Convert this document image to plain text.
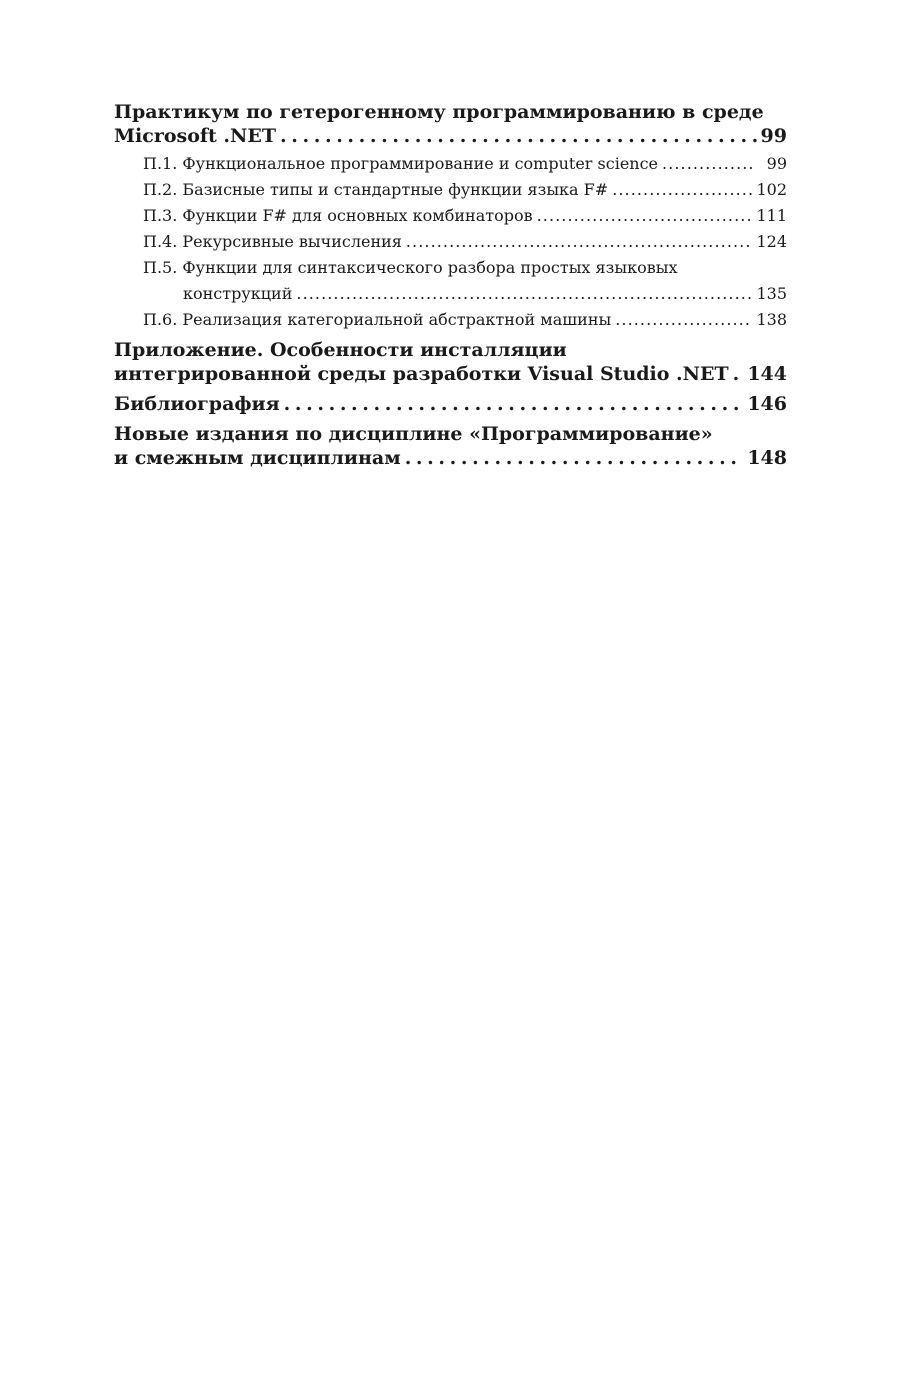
Практикум по гетерогенному программированию в среде
Microsoft .NET . . .	99
П.1. Функциональное программирование и computer science . . .	99
П.2. Базисные типы и стандартные функции языка F# . . .	102
П.3. Функции F# для основных комбинаторов . . .	111
П.4. Рекурсивные вычисления . . .	124
П.5. Функции для синтаксического разбора простых языковых
конструкций . . .	135
П.6. Реализация категориальной абстрактной машины . . .	138
Приложение. Особенности инсталляции
интегрированной среды разработки Visual Studio .NET . . . 144
Библиография . . .	146
Новые издания по дисциплине «Программирование»
и смежным дисциплинам . . .	148
